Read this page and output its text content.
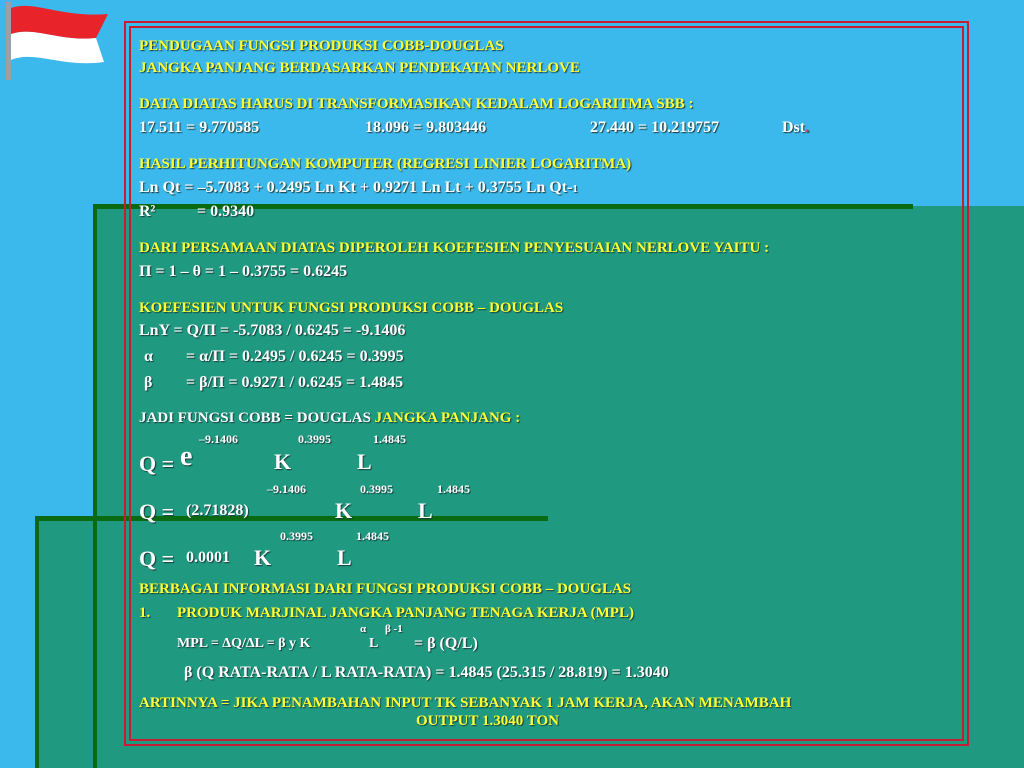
PENDUGAAN FUNGSI PRODUKSI COBB-DOUGLAS
JANGKA PANJANG BERDASARKAN PENDEKATAN NERLOVE
DATA DIATAS HARUS DI TRANSFORMASIKAN KEDALAM LOGARITMA SBB :
17.511 = 9.770585	18.096 = 9.803446	27.440 = 10.219757	Dst.
HASIL PERHITUNGAN KOMPUTER (REGRESI LINIER LOGARITMA)
Ln Qt = –5.7083 + 0.2495 Ln Kt + 0.9271 Ln Lt + 0.3755 Ln Qt-1
R²	= 0.9340
DARI PERSAMAAN DIATAS DIPEROLEH KOEFESIEN PENYESUAIAN NERLOVE YAITU :
Π = 1 – θ = 1 – 0.3755 = 0.6245
KOEFESIEN UNTUK FUNGSI PRODUKSI COBB – DOUGLAS
LnY = Q/Π = -5.7083 / 0.6245 = -9.1406
α = α/Π = 0.2495 / 0.6245 = 0.3995
β = β/Π = 0.9271 / 0.6245 = 1.4845
JADI FUNGSI COBB = DOUGLAS JANGKA PANJANG :
–9.1406	0.3995	1.4845
Q = e	K	L
–9.1406	0.3995	1.4845
Q = (2.71828)	K	L
0.3995	1.4845
Q = 0.0001 K	L
BERBAGAI INFORMASI DARI FUNGSI PRODUKSI COBB – DOUGLAS
1. PRODUK MARJINAL JANGKA PANJANG TENAGA KERJA (MPL)
α β -1
MPL = ΔQ/ΔL = β y K	L = β (Q/L)
β (Q RATA-RATA / L RATA-RATA) = 1.4845 (25.315 / 28.819) = 1.3040
ARTINNYA = JIKA PENAMBAHAN INPUT TK SEBANYAK 1 JAM KERJA, AKAN MENAMBAH
OUTPUT 1.3040 TON
